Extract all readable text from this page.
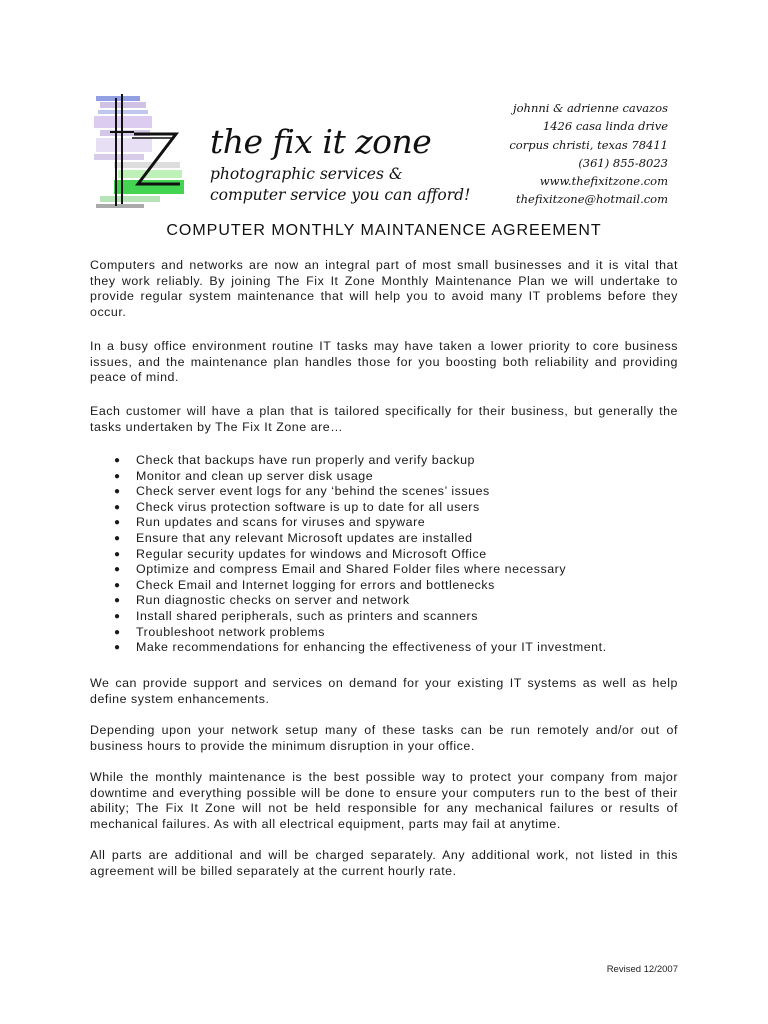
the fix it zone
photographic services &
computer service you can afford!
johnni & adrienne cavazos
1426 casa linda drive
corpus christi, texas 78411
(361) 855-8023
www.thefixitzone.com
thefixitzone@hotmail.com
COMPUTER MONTHLY MAINTANENCE AGREEMENT

Computers and networks are now an integral part of most small businesses and it is vital that they work reliably. By joining The Fix It Zone Monthly Maintenance Plan we will undertake to provide regular system maintenance that will help you to avoid many IT problems before they occur.

In a busy office environment routine IT tasks may have taken a lower priority to core business issues, and the maintenance plan handles those for you boosting both reliability and providing peace of mind.

Each customer will have a plan that is tailored specifically for their business, but generally the tasks undertaken by The Fix It Zone are…

● Check that backups have run properly and verify backup
● Monitor and clean up server disk usage
● Check server event logs for any ‘behind the scenes’ issues
● Check virus protection software is up to date for all users
● Run updates and scans for viruses and spyware
● Ensure that any relevant Microsoft updates are installed
● Regular security updates for windows and Microsoft Office
● Optimize and compress Email and Shared Folder files where necessary
● Check Email and Internet logging for errors and bottlenecks
● Run diagnostic checks on server and network
● Install shared peripherals, such as printers and scanners
● Troubleshoot network problems
● Make recommendations for enhancing the effectiveness of your IT investment.

We can provide support and services on demand for your existing IT systems as well as help define system enhancements.

Depending upon your network setup many of these tasks can be run remotely and/or out of business hours to provide the minimum disruption in your office.

While the monthly maintenance is the best possible way to protect your company from major downtime and everything possible will be done to ensure your computers run to the best of their ability; The Fix It Zone will not be held responsible for any mechanical failures or results of mechanical failures. As with all electrical equipment, parts may fail at anytime.

All parts are additional and will be charged separately. Any additional work, not listed in this agreement will be billed separately at the current hourly rate.

Revised 12/2007
